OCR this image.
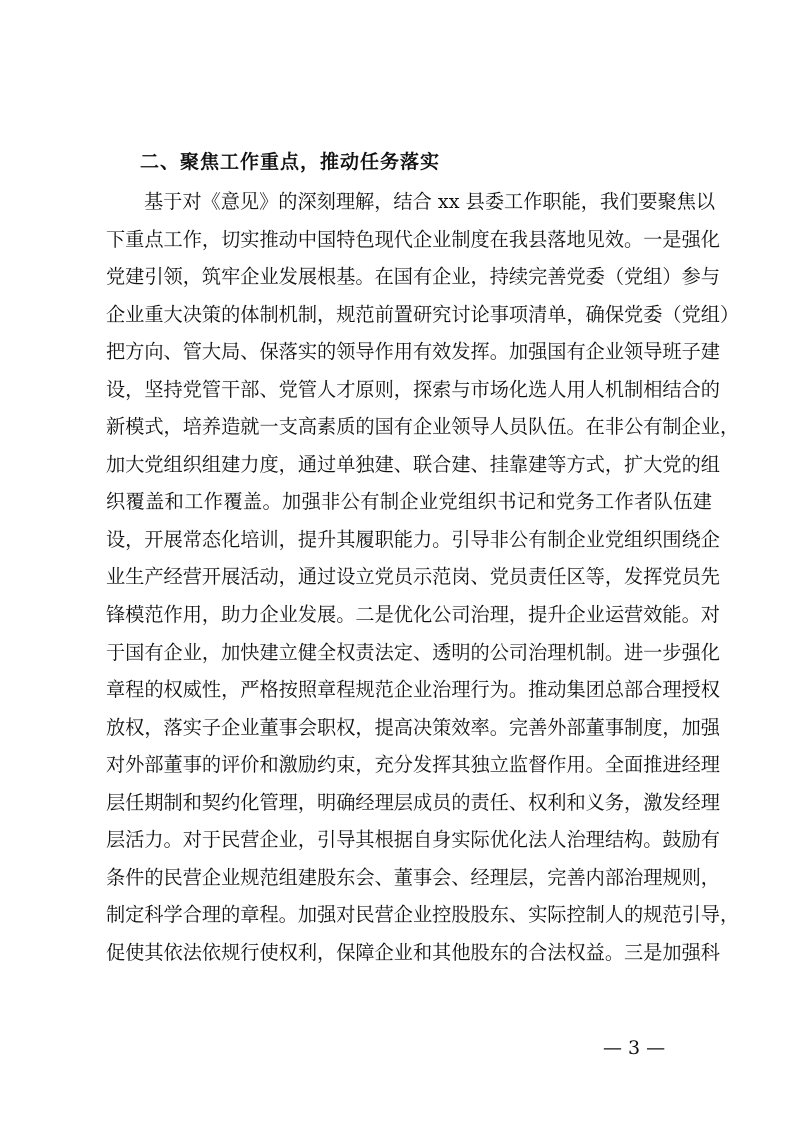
二、聚焦工作重点，推动任务落实
基于对《意见》的深刻理解，结合 xx 县委工作职能，我们要聚焦以
下重点工作，切实推动中国特色现代企业制度在我县落地见效。一是强化
党建引领，筑牢企业发展根基。在国有企业，持续完善党委（党组）参与
企业重大决策的体制机制，规范前置研究讨论事项清单，确保党委（党组）
把方向、管大局、保落实的领导作用有效发挥。加强国有企业领导班子建
设，坚持党管干部、党管人才原则，探索与市场化选人用人机制相结合的
新模式，培养造就一支高素质的国有企业领导人员队伍。在非公有制企业，
加大党组织组建力度，通过单独建、联合建、挂靠建等方式，扩大党的组
织覆盖和工作覆盖。加强非公有制企业党组织书记和党务工作者队伍建
设，开展常态化培训，提升其履职能力。引导非公有制企业党组织围绕企
业生产经营开展活动，通过设立党员示范岗、党员责任区等，发挥党员先
锋模范作用，助力企业发展。二是优化公司治理，提升企业运营效能。对
于国有企业，加快建立健全权责法定、透明的公司治理机制。进一步强化
章程的权威性，严格按照章程规范企业治理行为。推动集团总部合理授权
放权，落实子企业董事会职权，提高决策效率。完善外部董事制度，加强
对外部董事的评价和激励约束，充分发挥其独立监督作用。全面推进经理
层任期制和契约化管理，明确经理层成员的责任、权利和义务，激发经理
层活力。对于民营企业，引导其根据自身实际优化法人治理结构。鼓励有
条件的民营企业规范组建股东会、董事会、经理层，完善内部治理规则，
制定科学合理的章程。加强对民营企业控股股东、实际控制人的规范引导，
促使其依法依规行使权利，保障企业和其他股东的合法权益。三是加强科
— 3 —
